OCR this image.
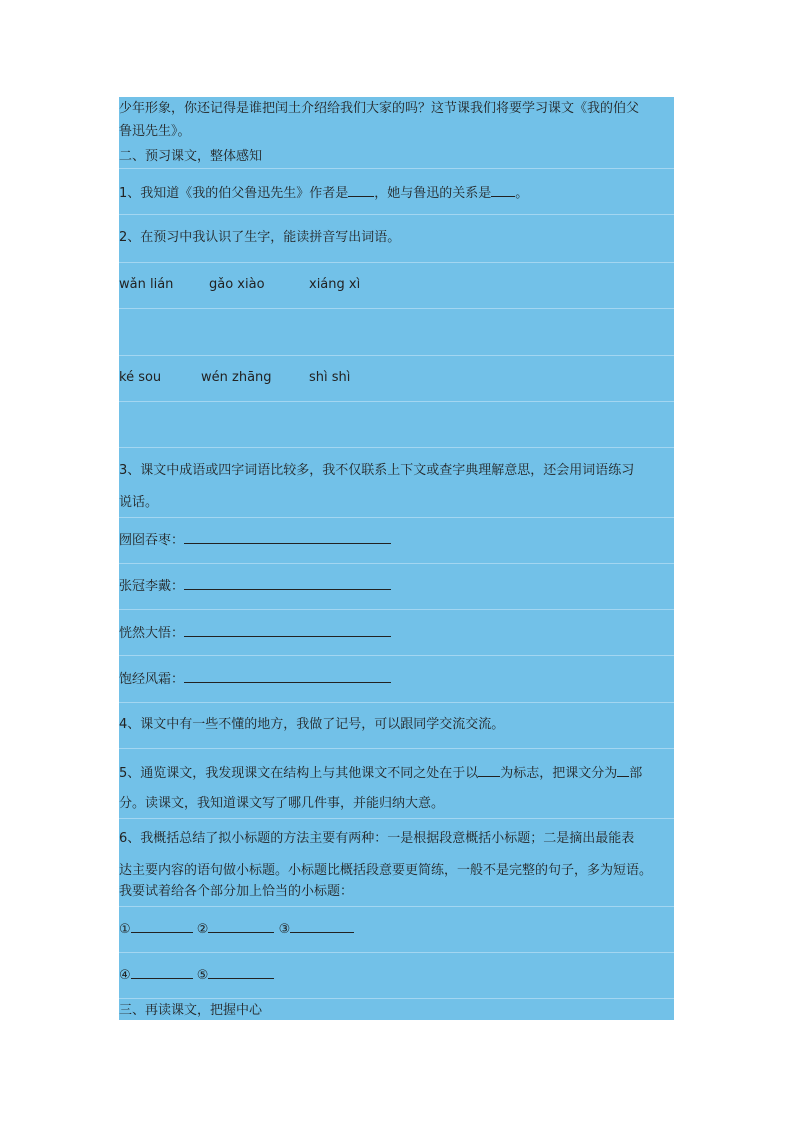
少年形象，你还记得是谁把闰土介绍给我们大家的吗？这节课我们将要学习课文《我的伯父
鲁迅先生》。
二、预习课文，整体感知
1、我知道《我的伯父鲁迅先生》作者是 ，她与鲁迅的关系是 。
2、在预习中我认识了生字，能读拼音写出词语。
wǎn lián	gǎo xiào	xiáng xì
ké sou	wén zhāng	shì shì
3、课文中成语或四字词语比较多，我不仅联系上下文或查字典理解意思，还会用词语练习
说话。
囫囵吞枣：
张冠李戴：
恍然大悟：
饱经风霜：
4、课文中有一些不懂的地方，我做了记号，可以跟同学交流交流。
5、通览课文，我发现课文在结构上与其他课文不同之处在于以 为标志，把课文分为 部
分。读课文，我知道课文写了哪几件事，并能归纳大意。
6、我概括总结了拟小标题的方法主要有两种：一是根据段意概括小标题；二是摘出最能表
达主要内容的语句做小标题。小标题比概括段意要更简练，一般不是完整的句子，多为短语。
我要试着给各个部分加上恰当的小标题：
①	②	③
④	⑤
三、再读课文，把握中心
